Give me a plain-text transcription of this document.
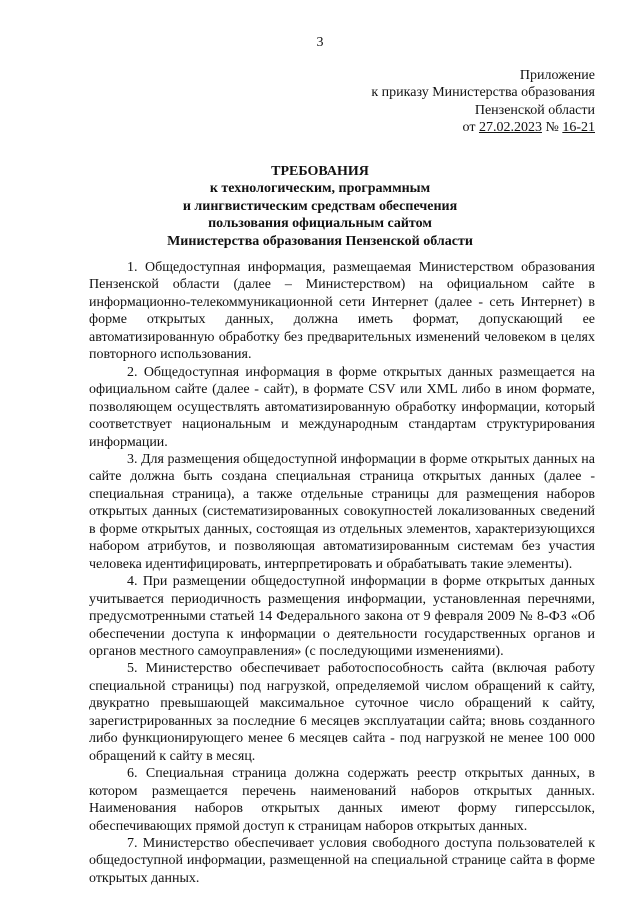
3
Приложение
к приказу Министерства образования
Пензенской области
от 27.02.2023 № 16-21
ТРЕБОВАНИЯ
к технологическим, программным
и лингвистическим средствам обеспечения
пользования официальным сайтом
Министерства образования Пензенской области

1. Общедоступная информация, размещаемая Министерством образования Пензенской области (далее – Министерством) на официальном сайте в информационно-телекоммуникационной сети Интернет (далее - сеть Интернет) в форме открытых данных, должна иметь формат, допускающий ее автоматизированную обработку без предварительных изменений человеком в целях повторного использования.

2. Общедоступная информация в форме открытых данных размещается на официальном сайте (далее - сайт), в формате CSV или XML либо в ином формате, позволяющем осуществлять автоматизированную обработку информации, который соответствует национальным и международным стандартам структурирования информации.

3. Для размещения общедоступной информации в форме открытых данных на сайте должна быть создана специальная страница открытых данных (далее - специальная страница), а также отдельные страницы для размещения наборов открытых данных (систематизированных совокупностей локализованных сведений в форме открытых данных, состоящая из отдельных элементов, характеризующихся набором атрибутов, и позволяющая автоматизированным системам без участия человека идентифицировать, интерпретировать и обрабатывать такие элементы).

4. При размещении общедоступной информации в форме открытых данных учитывается периодичность размещения информации, установленная перечнями, предусмотренными статьей 14 Федерального закона от 9 февраля 2009 № 8-ФЗ «Об обеспечении доступа к информации о деятельности государственных органов и органов местного самоуправления» (с последующими изменениями).

5. Министерство обеспечивает работоспособность сайта (включая работу специальной страницы) под нагрузкой, определяемой числом обращений к сайту, двукратно превышающей максимальное суточное число обращений к сайту, зарегистрированных за последние 6 месяцев эксплуатации сайта; вновь созданного либо функционирующего менее 6 месяцев сайта - под нагрузкой не менее 100 000 обращений к сайту в месяц.

6. Специальная страница должна содержать реестр открытых данных, в котором размещается перечень наименований наборов открытых данных. Наименования наборов открытых данных имеют форму гиперссылок, обеспечивающих прямой доступ к страницам наборов открытых данных.

7. Министерство обеспечивает условия свободного доступа пользователей к общедоступной информации, размещенной на специальной странице сайта в форме открытых данных.
